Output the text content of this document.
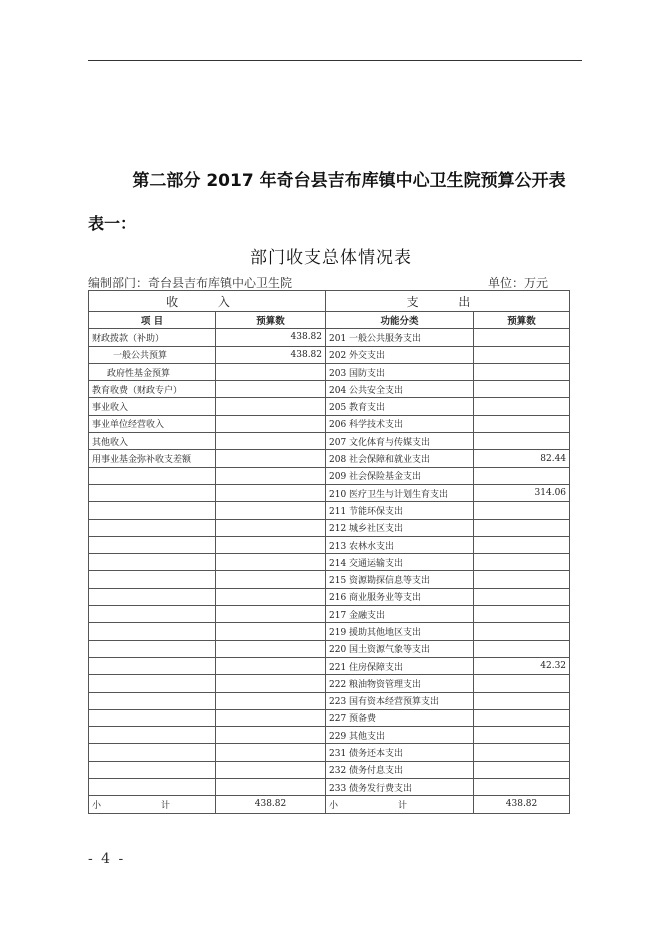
第二部分 2017 年奇台县吉布库镇中心卫生院预算公开表
表一：
部门收支总体情况表
编制部门：奇台县吉布库镇中心卫生院	单位：万元
收 入		支 出	
项 目	预算数	功能分类	预算数
财政拨款（补助）	438.82	201 一般公共服务支出	
一般公共预算	438.82	202 外交支出	
政府性基金预算		203 国防支出	
教育收费（财政专户）		204 公共安全支出	
事业收入		205 教育支出	
事业单位经营收入		206 科学技术支出	
其他收入		207 文化体育与传媒支出	
用事业基金弥补收支差额		208 社会保障和就业支出	82.44
		209 社会保险基金支出	
		210 医疗卫生与计划生育支出	314.06
		211 节能环保支出	
		212 城乡社区支出	
		213 农林水支出	
		214 交通运输支出	
		215 资源勘探信息等支出	
		216 商业服务业等支出	
		217 金融支出	
		219 援助其他地区支出	
		220 国土资源气象等支出	
		221 住房保障支出	42.32
		222 粮油物资管理支出	
		223 国有资本经营预算支出	
		227 预备费	
		229 其他支出	
		231 债务还本支出	
		232 债务付息支出	
		233 债务发行费支出	
小 计	438.82	小 计	438.82
- 4 -
